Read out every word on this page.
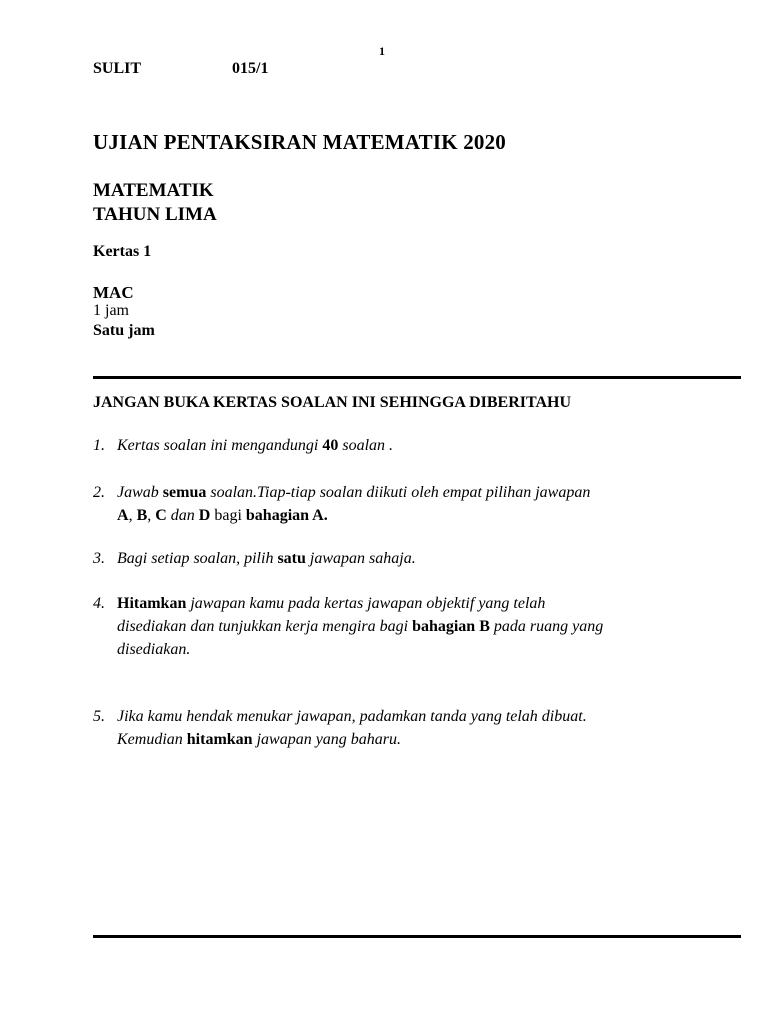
1
SULIT	015/1
UJIAN PENTAKSIRAN MATEMATIK 2020
MATEMATIK
TAHUN LIMA
Kertas 1
MAC
1 jam
Satu jam
JANGAN BUKA KERTAS SOALAN INI SEHINGGA DIBERITAHU
1. Kertas soalan ini mengandungi 40 soalan .
2. Jawab semua soalan.Tiap-tiap soalan diikuti oleh empat pilihan jawapan
A, B, C dan D bagi bahagian A.
3. Bagi setiap soalan, pilih satu jawapan sahaja.
4. Hitamkan jawapan kamu pada kertas jawapan objektif yang telah
disediakan dan tunjukkan kerja mengira bagi bahagian B pada ruang yang
disediakan.
5. Jika kamu hendak menukar jawapan, padamkan tanda yang telah dibuat.
Kemudian hitamkan jawapan yang baharu.
